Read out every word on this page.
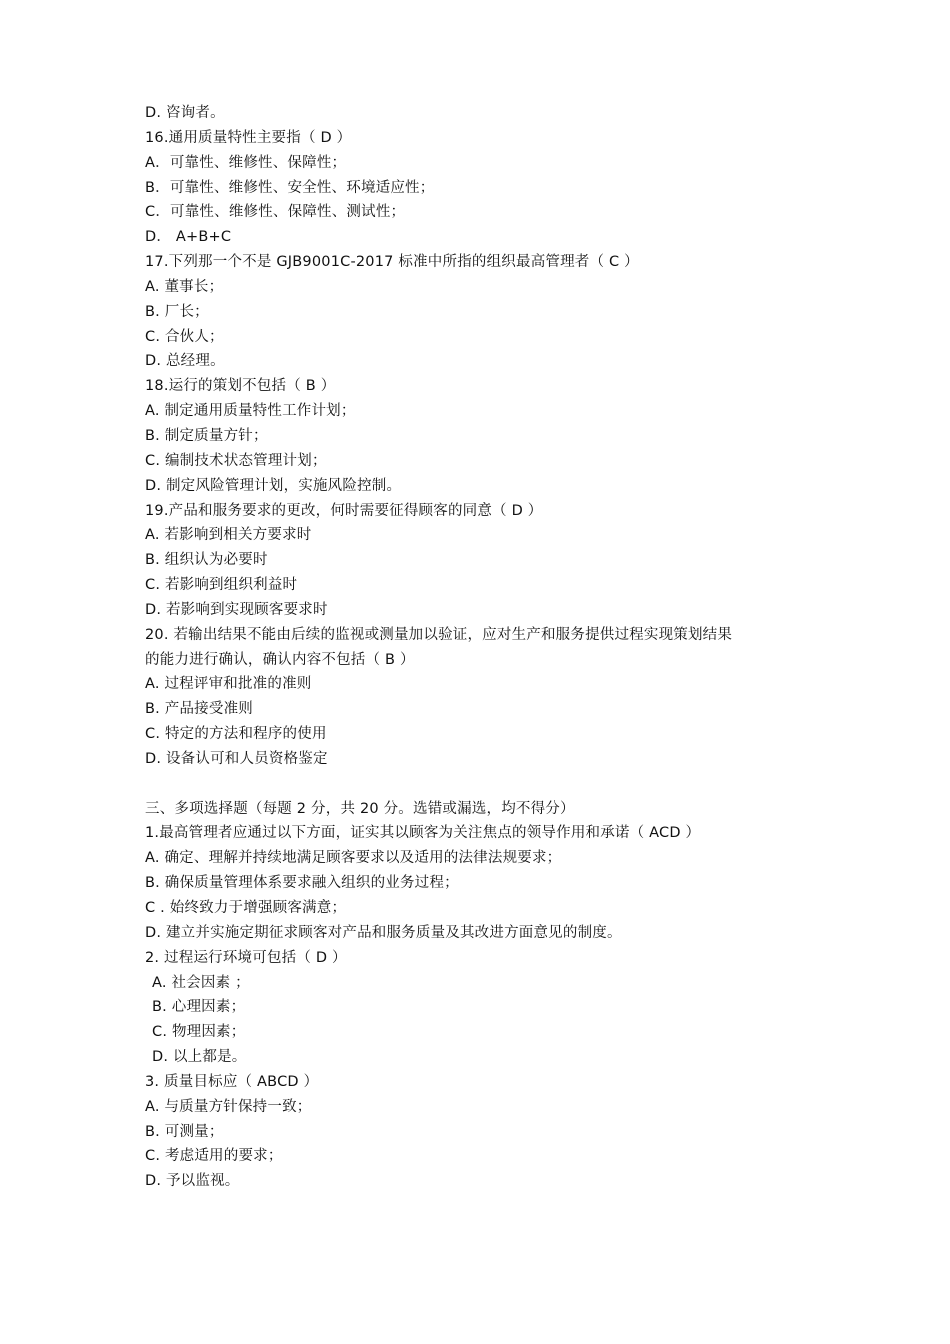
D. 咨询者。
16.通用质量特性主要指（ D ）
A．可靠性、维修性、保障性；
B．可靠性、维修性、安全性、环境适应性；
C．可靠性、维修性、保障性、测试性；
D． A+B+C
17.下列那一个不是 GJB9001C-2017 标准中所指的组织最高管理者（ C ）
A. 董事长；
B. 厂长；
C. 合伙人；
D. 总经理。
18.运行的策划不包括（ B ）
A. 制定通用质量特性工作计划；
B. 制定质量方针；
C. 编制技术状态管理计划；
D. 制定风险管理计划，实施风险控制。
19.产品和服务要求的更改，何时需要征得顾客的同意（ D ）
A. 若影响到相关方要求时
B. 组织认为必要时
C. 若影响到组织利益时
D. 若影响到实现顾客要求时
20. 若输出结果不能由后续的监视或测量加以验证，应对生产和服务提供过程实现策划结果
的能力进行确认，确认内容不包括（ B ）
A. 过程评审和批准的准则
B. 产品接受准则
C. 特定的方法和程序的使用
D. 设备认可和人员资格鉴定
三、多项选择题（每题 2 分，共 20 分。选错或漏选，均不得分）
1.最高管理者应通过以下方面，证实其以顾客为关注焦点的领导作用和承诺（ ACD ）
A. 确定、理解并持续地满足顾客要求以及适用的法律法规要求；
B. 确保质量管理体系要求融入组织的业务过程；
C . 始终致力于增强顾客满意；
D. 建立并实施定期征求顾客对产品和服务质量及其改进方面意见的制度。
2. 过程运行环境可包括（ D ）
A. 社会因素 ；
B. 心理因素；
C. 物理因素；
D. 以上都是。
3. 质量目标应（ ABCD ）
A. 与质量方针保持一致；
B. 可测量；
C. 考虑适用的要求；
D. 予以监视。
